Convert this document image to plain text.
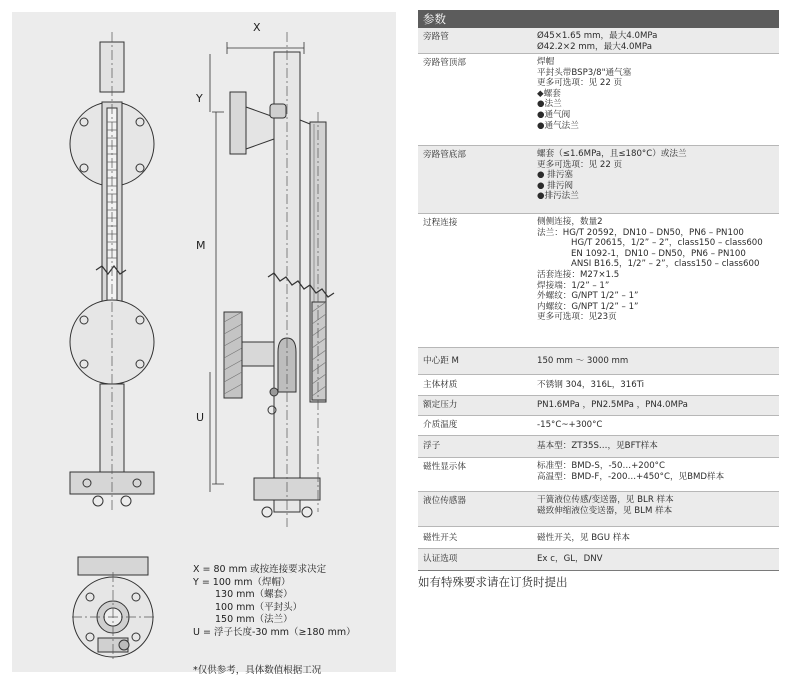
X
Y
M
U
X = 80 mm 或按连接要求决定
Y = 100 mm（焊帽）
130 mm（螺套）
100 mm（平封头）
150 mm（法兰）
U = 浮子长度-30 mm（≥180 mm）
*仅供参考，具体数值根据工况
参数
旁路管	Ø45×1.65 mm，最大4.0MPa
Ø42.2×2 mm，最大4.0MPa
旁路管顶部	焊帽
平封头带BSP3/8"通气塞
更多可选项：见 22 页
◆螺套
●法兰
●通气阀
●通气法兰
旁路管底部	螺套（≤1.6MPa，且≤180°C）或法兰
更多可选项：见 22 页
● 排污塞
● 排污阀
●排污法兰
过程连接	侧侧连接，数量2
法兰：HG/T 20592，DN10 – DN50，PN6 – PN100
HG/T 20615，1/2” – 2”，class150 – class600
EN 1092-1，DN10 – DN50，PN6 – PN100
ANSI B16.5，1/2” – 2”，class150 – class600
活套连接：M27×1.5
焊接端：1/2” – 1”
外螺纹：G/NPT 1/2” – 1”
内螺纹：G/NPT 1/2” – 1”
更多可选项：见23页
中心距 M	150 mm ～ 3000 mm
主体材质	不锈钢 304，316L，316Ti
额定压力	PN1.6MPa ，PN2.5MPa ，PN4.0MPa
介质温度	-15°C~+300°C
浮子	基本型：ZT35S…，见BFT样本
磁性显示体	标准型：BMD-S，-50…+200°C
高温型：BMD-F，-200…+450°C，见BMD样本
液位传感器	干簧液位传感/变送器，见 BLR 样本
磁致伸缩液位变送器，见 BLM 样本
磁性开关	磁性开关，见 BGU 样本
认证选项	Ex c，GL，DNV
如有特殊要求请在订货时提出
